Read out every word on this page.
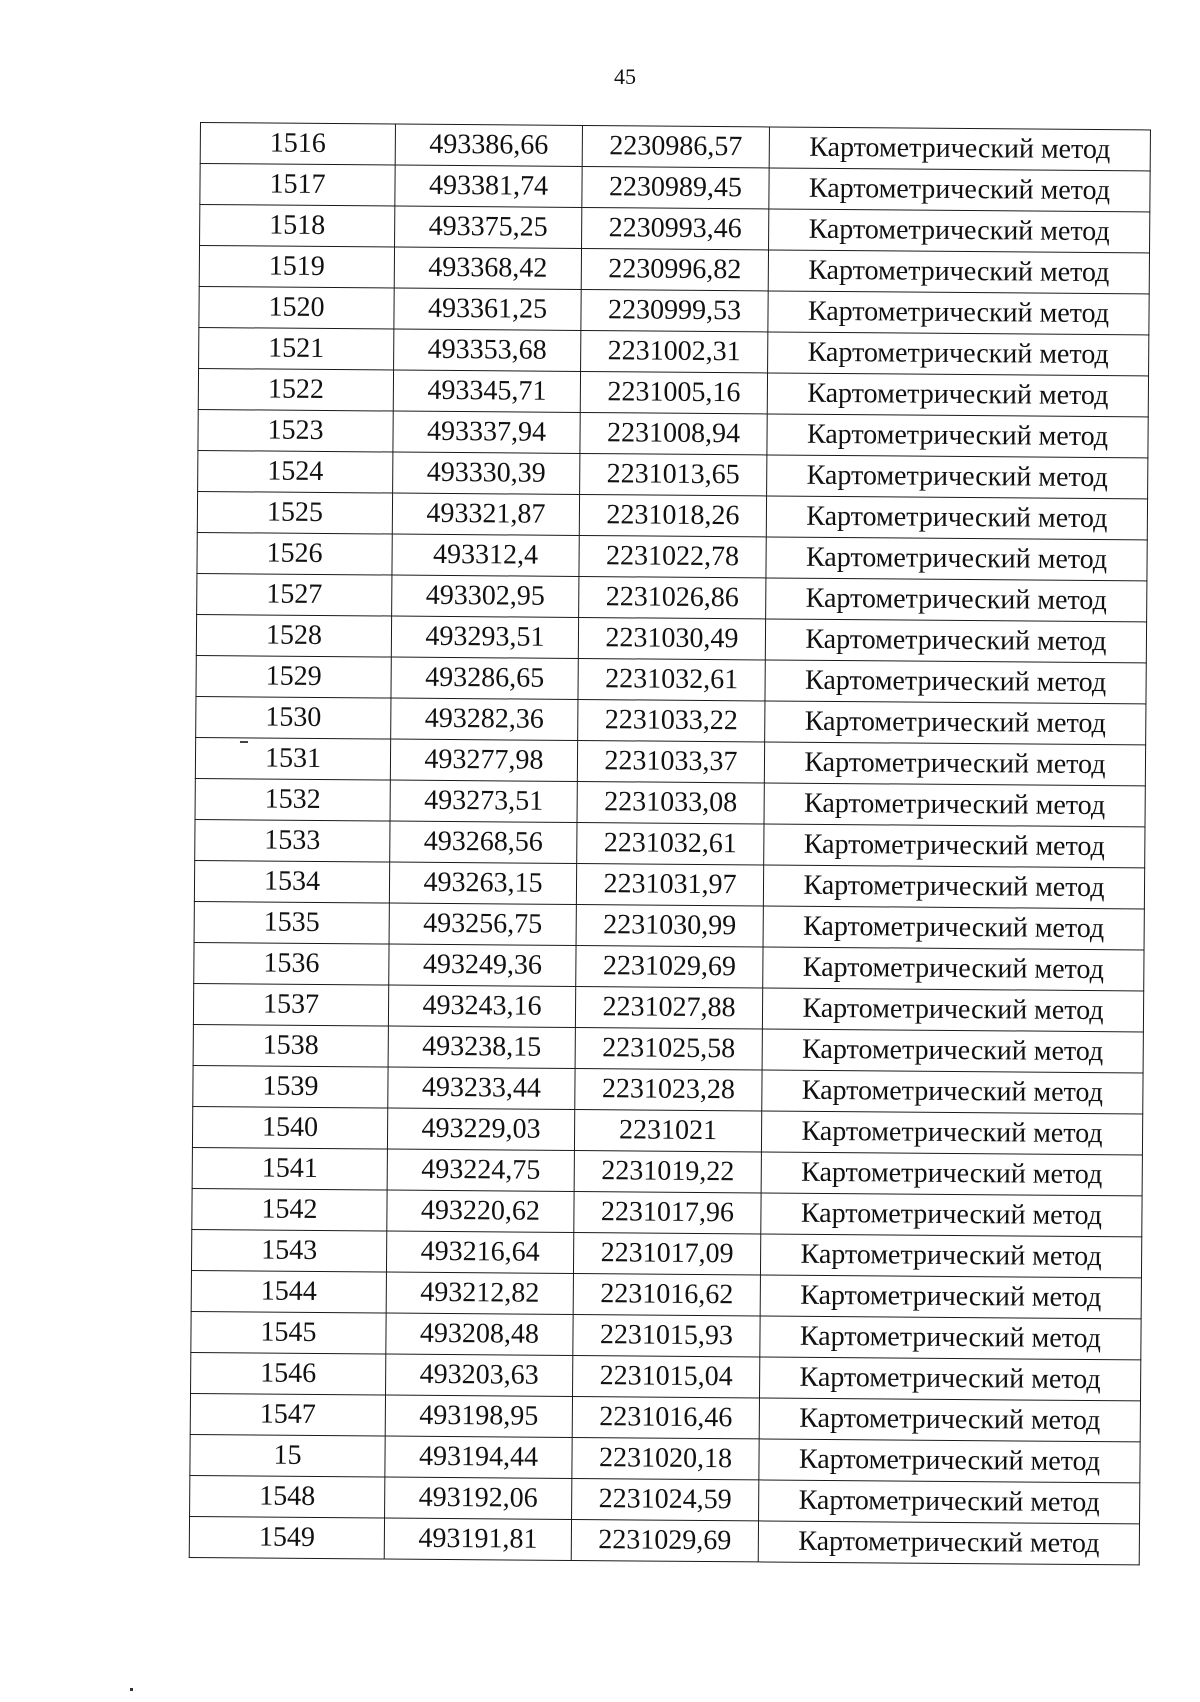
45
1516	493386,66	2230986,57	Картометрический метод
1517	493381,74	2230989,45	Картометрический метод
1518	493375,25	2230993,46	Картометрический метод
1519	493368,42	2230996,82	Картометрический метод
1520	493361,25	2230999,53	Картометрический метод
1521	493353,68	2231002,31	Картометрический метод
1522	493345,71	2231005,16	Картометрический метод
1523	493337,94	2231008,94	Картометрический метод
1524	493330,39	2231013,65	Картометрический метод
1525	493321,87	2231018,26	Картометрический метод
1526	493312,4	2231022,78	Картометрический метод
1527	493302,95	2231026,86	Картометрический метод
1528	493293,51	2231030,49	Картометрический метод
1529	493286,65	2231032,61	Картометрический метод
1530	493282,36	2231033,22	Картометрический метод
1531	493277,98	2231033,37	Картометрический метод
1532	493273,51	2231033,08	Картометрический метод
1533	493268,56	2231032,61	Картометрический метод
1534	493263,15	2231031,97	Картометрический метод
1535	493256,75	2231030,99	Картометрический метод
1536	493249,36	2231029,69	Картометрический метод
1537	493243,16	2231027,88	Картометрический метод
1538	493238,15	2231025,58	Картометрический метод
1539	493233,44	2231023,28	Картометрический метод
1540	493229,03	2231021	Картометрический метод
1541	493224,75	2231019,22	Картометрический метод
1542	493220,62	2231017,96	Картометрический метод
1543	493216,64	2231017,09	Картометрический метод
1544	493212,82	2231016,62	Картометрический метод
1545	493208,48	2231015,93	Картометрический метод
1546	493203,63	2231015,04	Картометрический метод
1547	493198,95	2231016,46	Картометрический метод
15	493194,44	2231020,18	Картометрический метод
1548	493192,06	2231024,59	Картометрический метод
1549	493191,81	2231029,69	Картометрический метод
